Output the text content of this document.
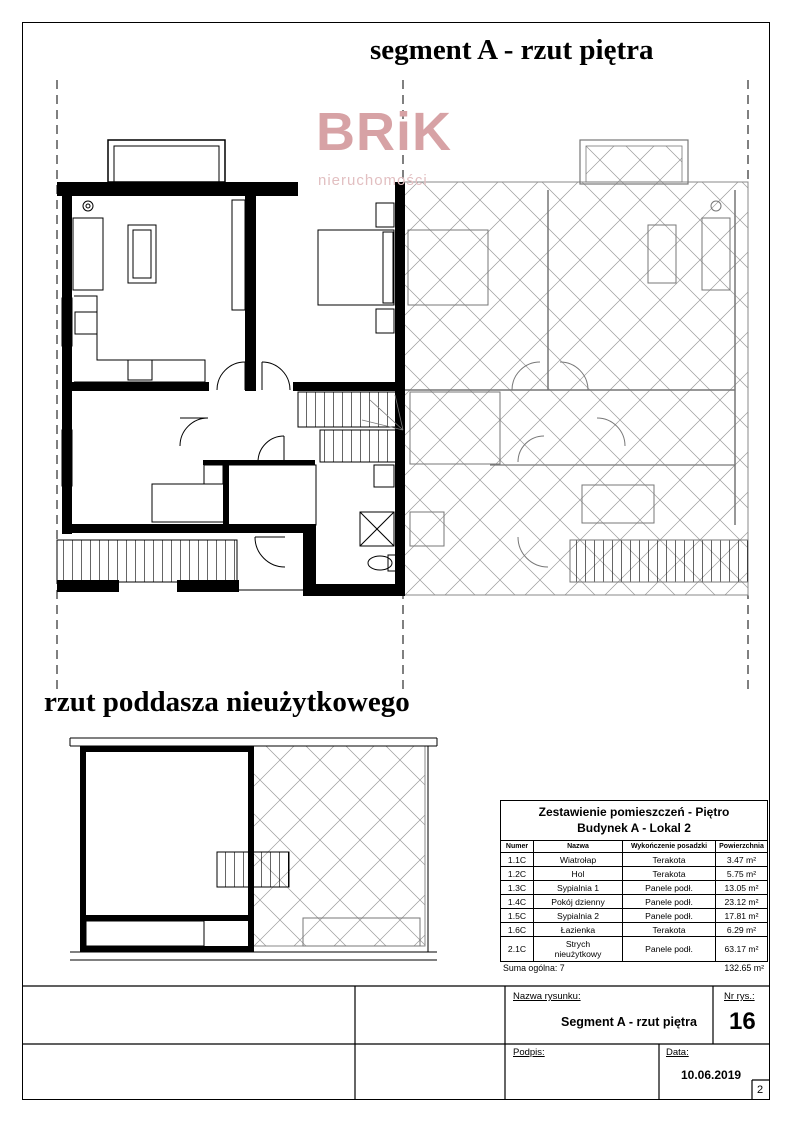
segment A - rzut piętra
rzut poddasza nieużytkowego
BRiK
nieruchomości
Zestawienie pomieszczeń - Piętro
Budynek A - Lokal 2
Numer	Nazwa	Wykończenie posadzki	Powierzchnia
1.1C	Wiatrołap	Terakota	3.47 m²
1.2C	Hol	Terakota	5.75 m²
1.3C	Sypialnia 1	Panele podł.	13.05 m²
1.4C	Pokój dzienny	Panele podł.	23.12 m²
1.5C	Sypialnia 2	Panele podł.	17.81 m²
1.6C	Łazienka	Terakota	6.29 m²
2.1C	Strych nieużytkowy	Panele podł.	63.17 m²
Suma ogólna: 7	132.65 m²
Nazwa rysunku:
Segment A - rzut piętra
Nr rys.:
16
Podpis:	Data:
10.06.2019
2
